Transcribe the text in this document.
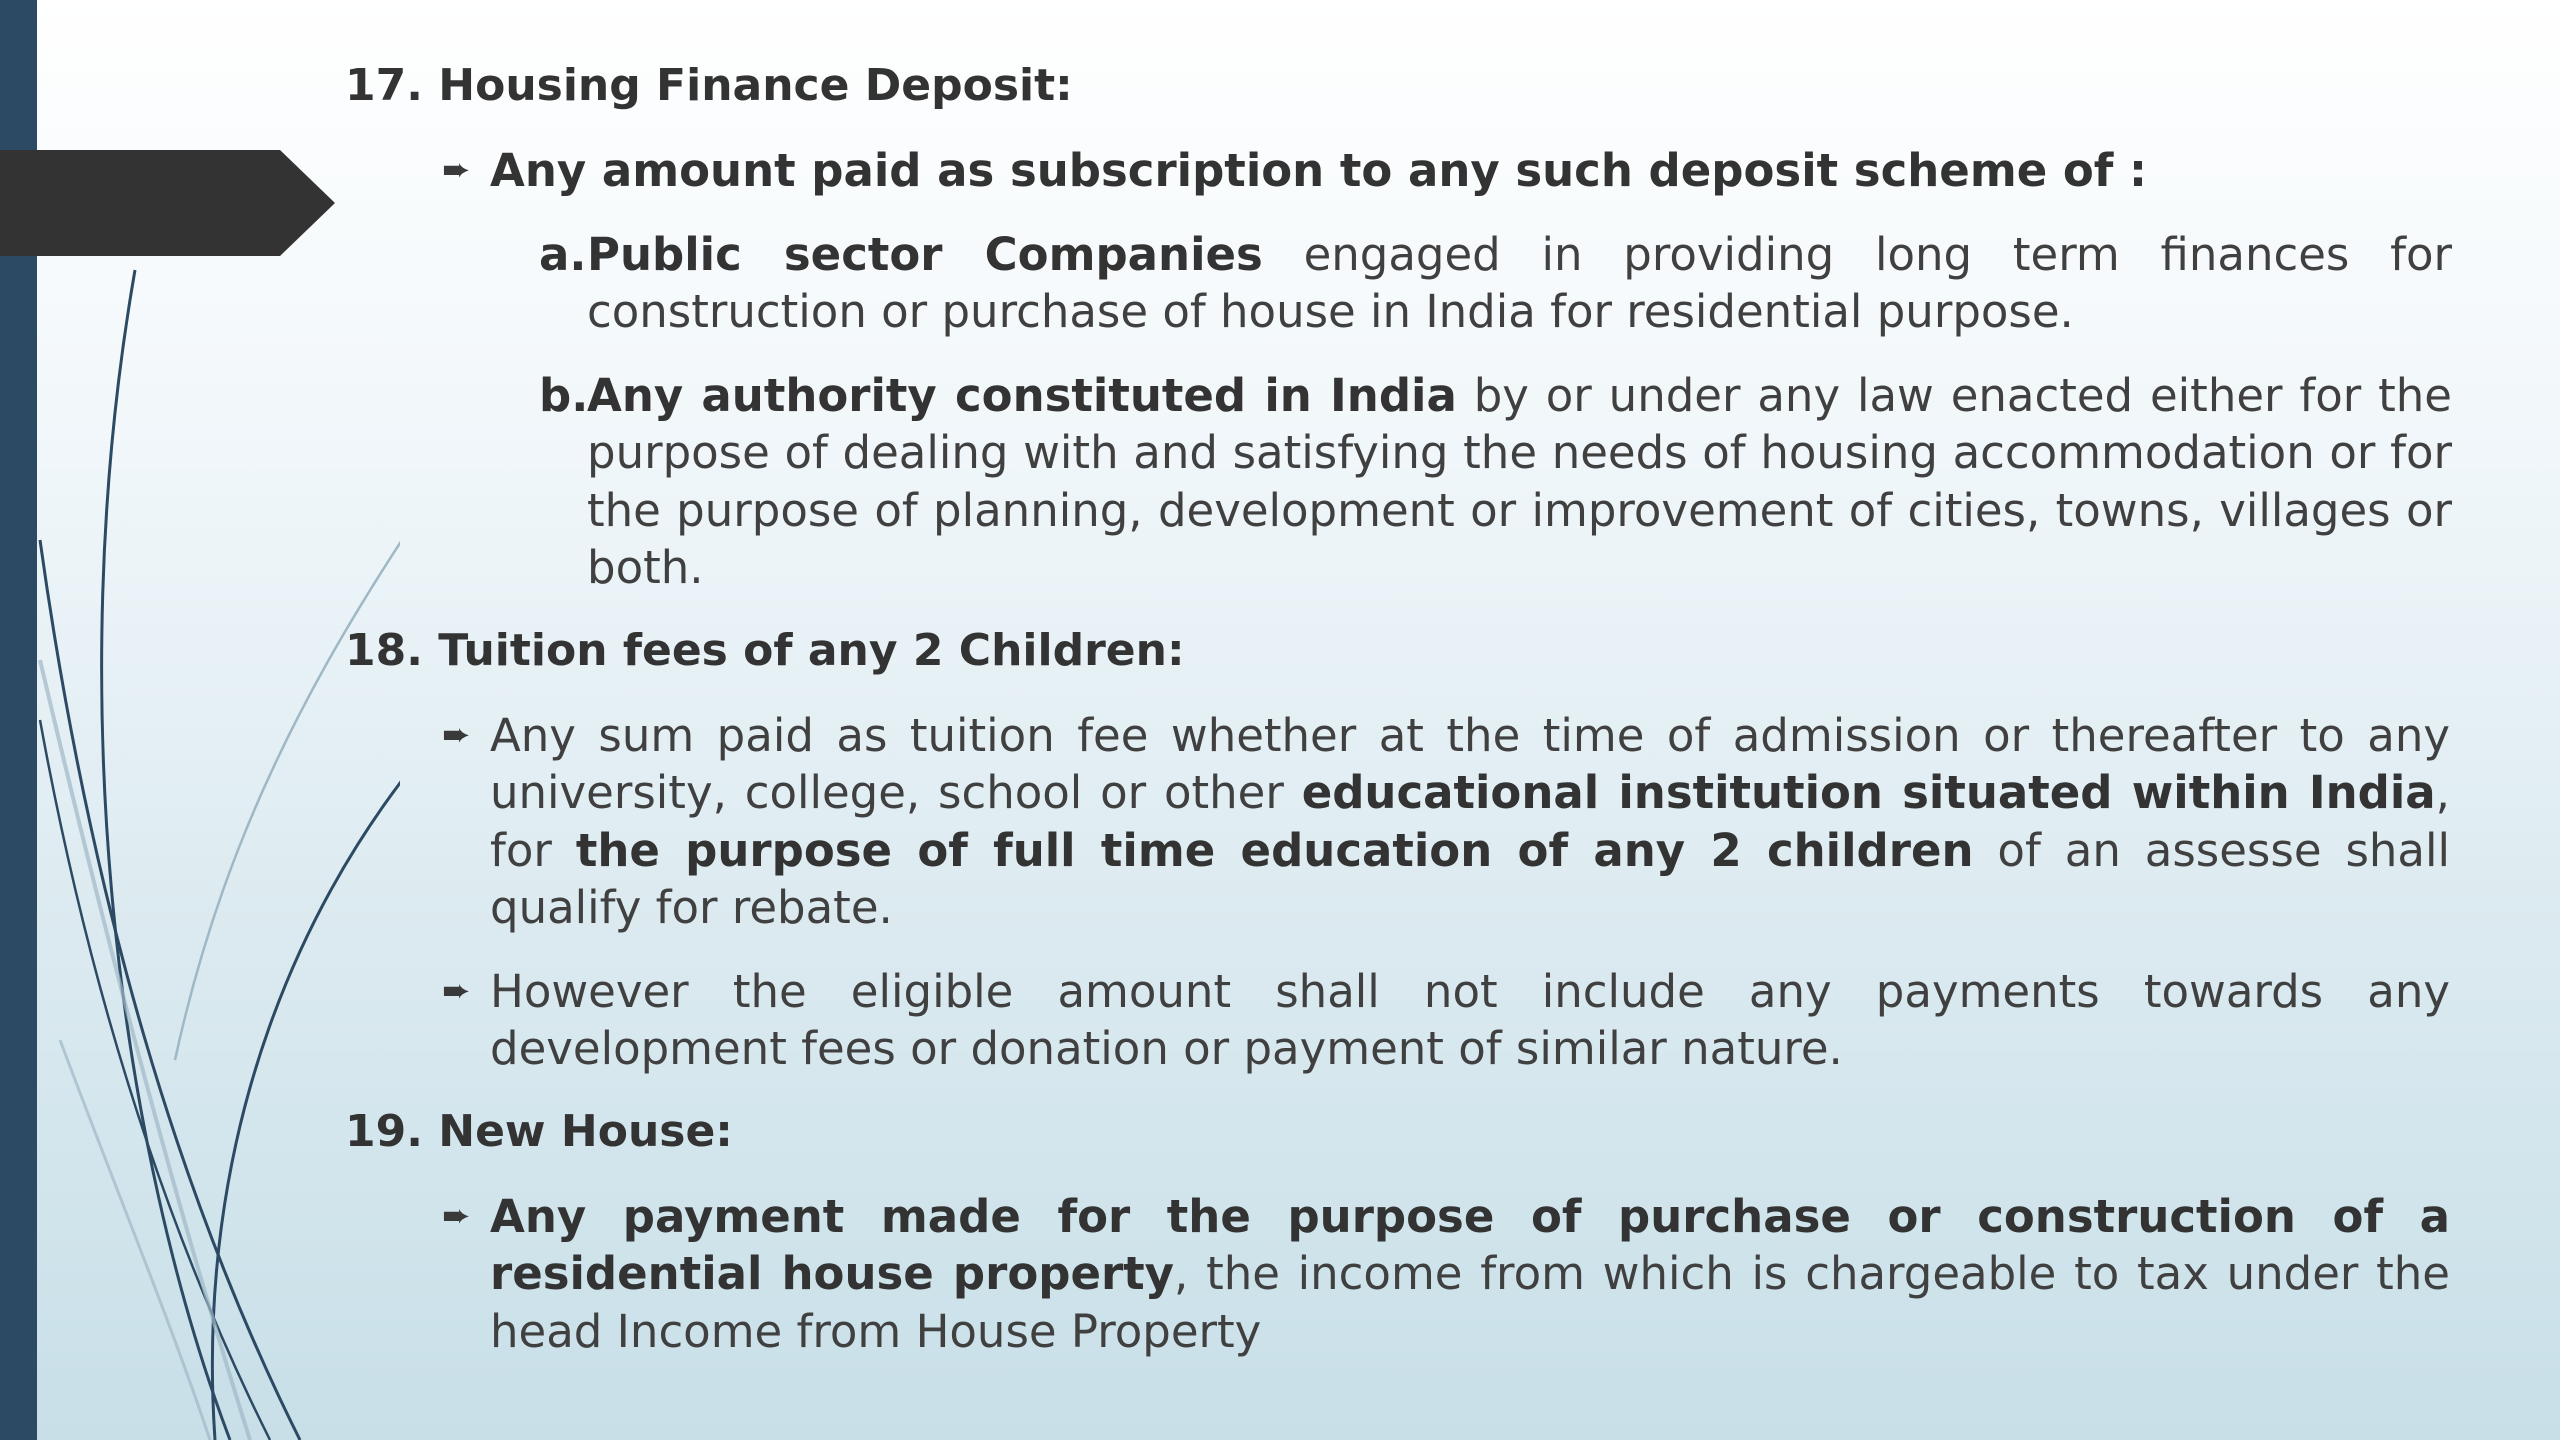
17. Housing Finance Deposit:
➨ Any amount paid as subscription to any such deposit scheme of :
a. Public sector Companies engaged in providing long term finances for construction or purchase of house in India for residential purpose.
b.
Any authority constituted in India by or under any law enacted either for the purpose of dealing with and satisfying the needs of housing accommodation or for the purpose of planning, development or improvement of cities, towns, villages or both.
18. Tuition fees of any 2 Children:
➨ Any sum paid as tuition fee whether at the time of admission or thereafter to any university, college, school or other educational institution situated within India, for the purpose of full time education of any 2 children of an assesse shall qualify for rebate.
➨ However the eligible amount shall not include any payments towards any development fees or donation or payment of similar nature.
19. New House:
➨ Any payment made for the purpose of purchase or construction of a residential house property, the income from which is chargeable to tax under the head Income from House Property
